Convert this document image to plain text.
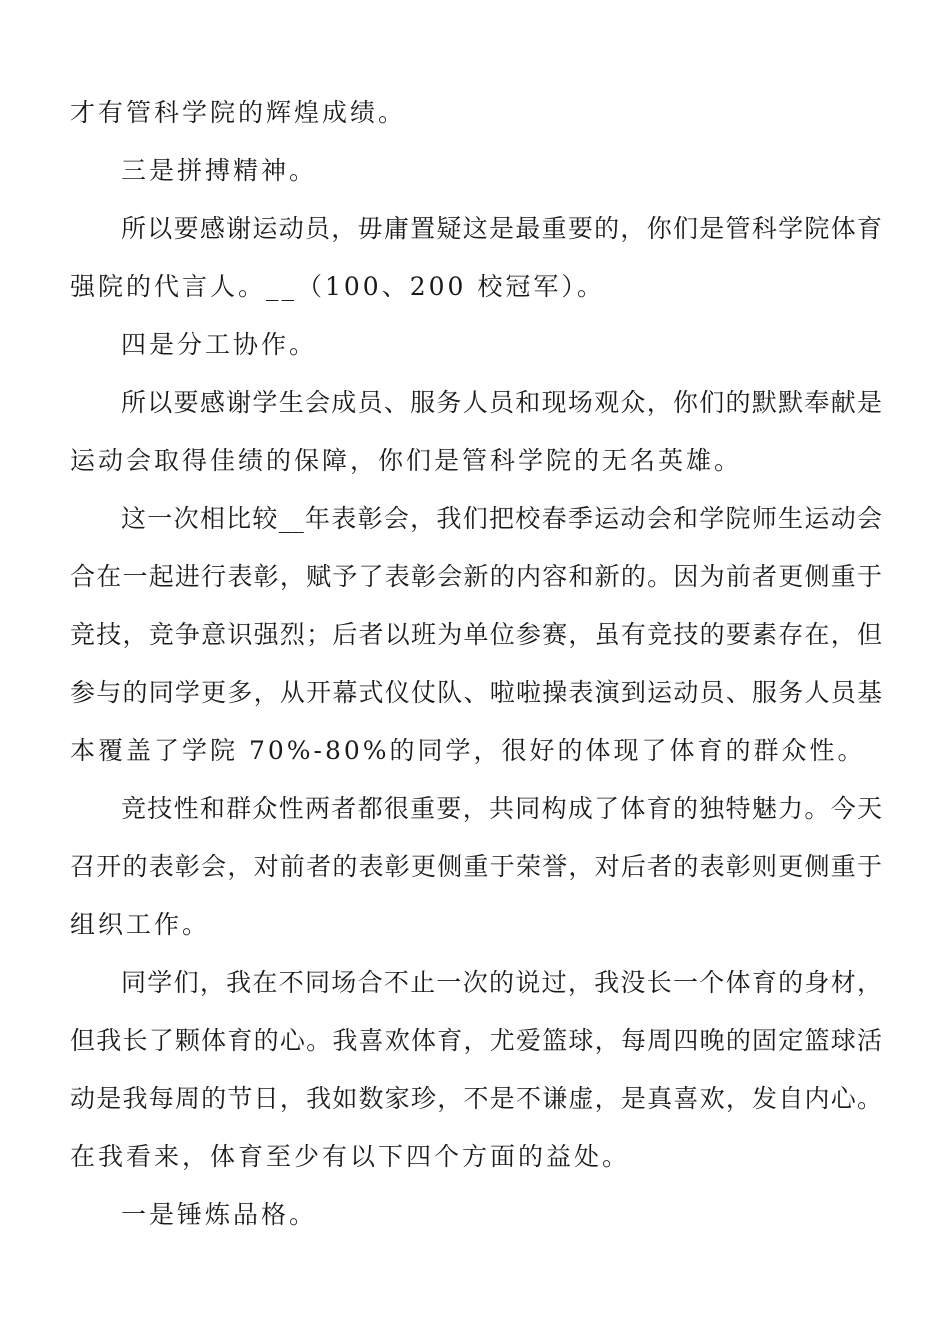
才有管科学院的辉煌成绩。
三是拼搏精神。
所以要感谢运动员，毋庸置疑这是最重要的，你们是管科学院体育
强院的代言人。__（100、200 校冠军）。
四是分工协作。
所以要感谢学生会成员、服务人员和现场观众，你们的默默奉献是
运动会取得佳绩的保障，你们是管科学院的无名英雄。
这一次相比较__年表彰会，我们把校春季运动会和学院师生运动会
合在一起进行表彰，赋予了表彰会新的内容和新的。因为前者更侧重于
竞技，竞争意识强烈；后者以班为单位参赛，虽有竞技的要素存在，但
参与的同学更多，从开幕式仪仗队、啦啦操表演到运动员、服务人员基
本覆盖了学院 70%-80%的同学，很好的体现了体育的群众性。
竞技性和群众性两者都很重要，共同构成了体育的独特魅力。今天
召开的表彰会，对前者的表彰更侧重于荣誉，对后者的表彰则更侧重于
组织工作。
同学们，我在不同场合不止一次的说过，我没长一个体育的身材，
但我长了颗体育的心。我喜欢体育，尤爱篮球，每周四晚的固定篮球活
动是我每周的节日，我如数家珍，不是不谦虚，是真喜欢，发自内心。
在我看来，体育至少有以下四个方面的益处。
一是锤炼品格。
